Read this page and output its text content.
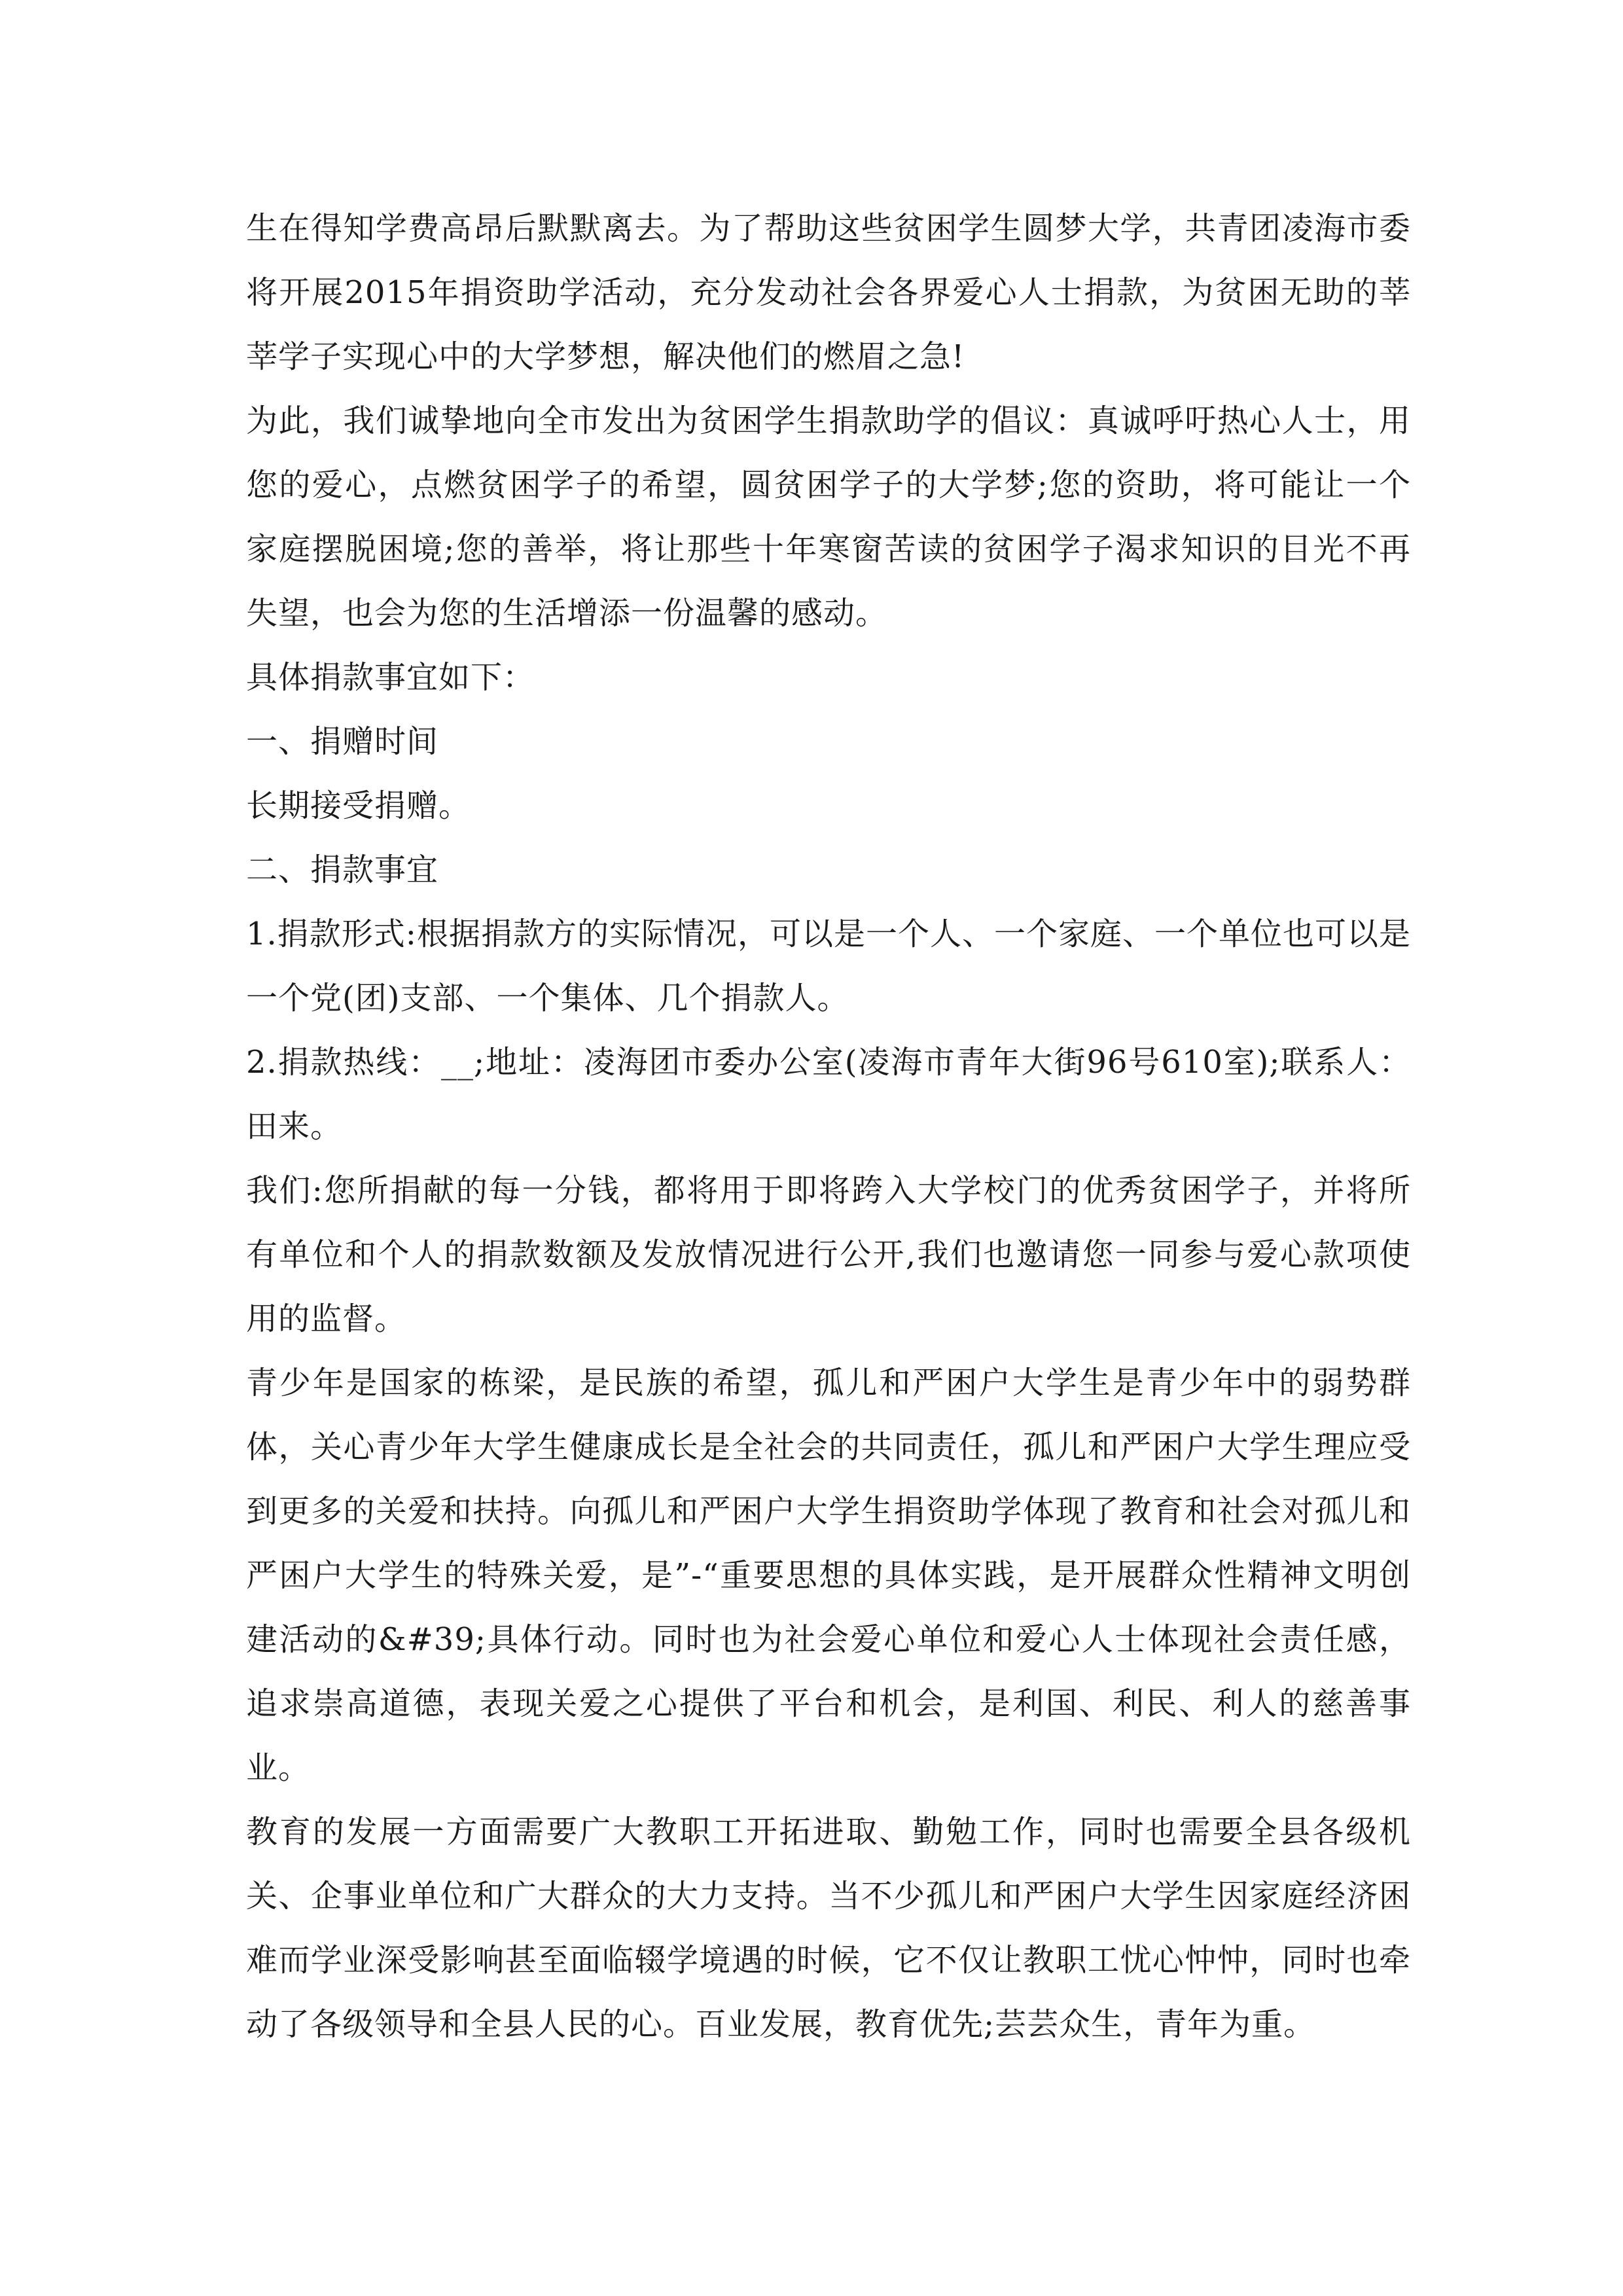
生在得知学费高昂后默默离去。为了帮助这些贫困学生圆梦大学，共青团凌海市委将开展2015年捐资助学活动，充分发动社会各界爱心人士捐款，为贫困无助的莘莘学子实现心中的大学梦想，解决他们的燃眉之急!

为此，我们诚挚地向全市发出为贫困学生捐款助学的倡议：真诚呼吁热心人士，用您的爱心，点燃贫困学子的希望，圆贫困学子的大学梦;您的资助，将可能让一个家庭摆脱困境;您的善举，将让那些十年寒窗苦读的贫困学子渴求知识的目光不再失望，也会为您的生活增添一份温馨的感动。

具体捐款事宜如下：

一、捐赠时间

长期接受捐赠。

二、捐款事宜

1.捐款形式:根据捐款方的实际情况，可以是一个人、一个家庭、一个单位也可以是一个党(团)支部、一个集体、几个捐款人。

2.捐款热线：__;地址：凌海团市委办公室(凌海市青年大街96号610室);联系人：田来。

我们:您所捐献的每一分钱，都将用于即将跨入大学校门的优秀贫困学子，并将所有单位和个人的捐款数额及发放情况进行公开,我们也邀请您一同参与爱心款项使用的监督。

青少年是国家的栋梁，是民族的希望，孤儿和严困户大学生是青少年中的弱势群体，关心青少年大学生健康成长是全社会的共同责任，孤儿和严困户大学生理应受到更多的关爱和扶持。向孤儿和严困户大学生捐资助学体现了教育和社会对孤儿和严困户大学生的特殊关爱，是”-“重要思想的具体实践，是开展群众性精神文明创建活动的&#39;具体行动。同时也为社会爱心单位和爱心人士体现社会责任感，追求崇高道德，表现关爱之心提供了平台和机会，是利国、利民、利人的慈善事业。

教育的发展一方面需要广大教职工开拓进取、勤勉工作，同时也需要全县各级机关、企事业单位和广大群众的大力支持。当不少孤儿和严困户大学生因家庭经济困难而学业深受影响甚至面临辍学境遇的时候，它不仅让教职工忧心忡忡，同时也牵动了各级领导和全县人民的心。百业发展，教育优先;芸芸众生，青年为重。
